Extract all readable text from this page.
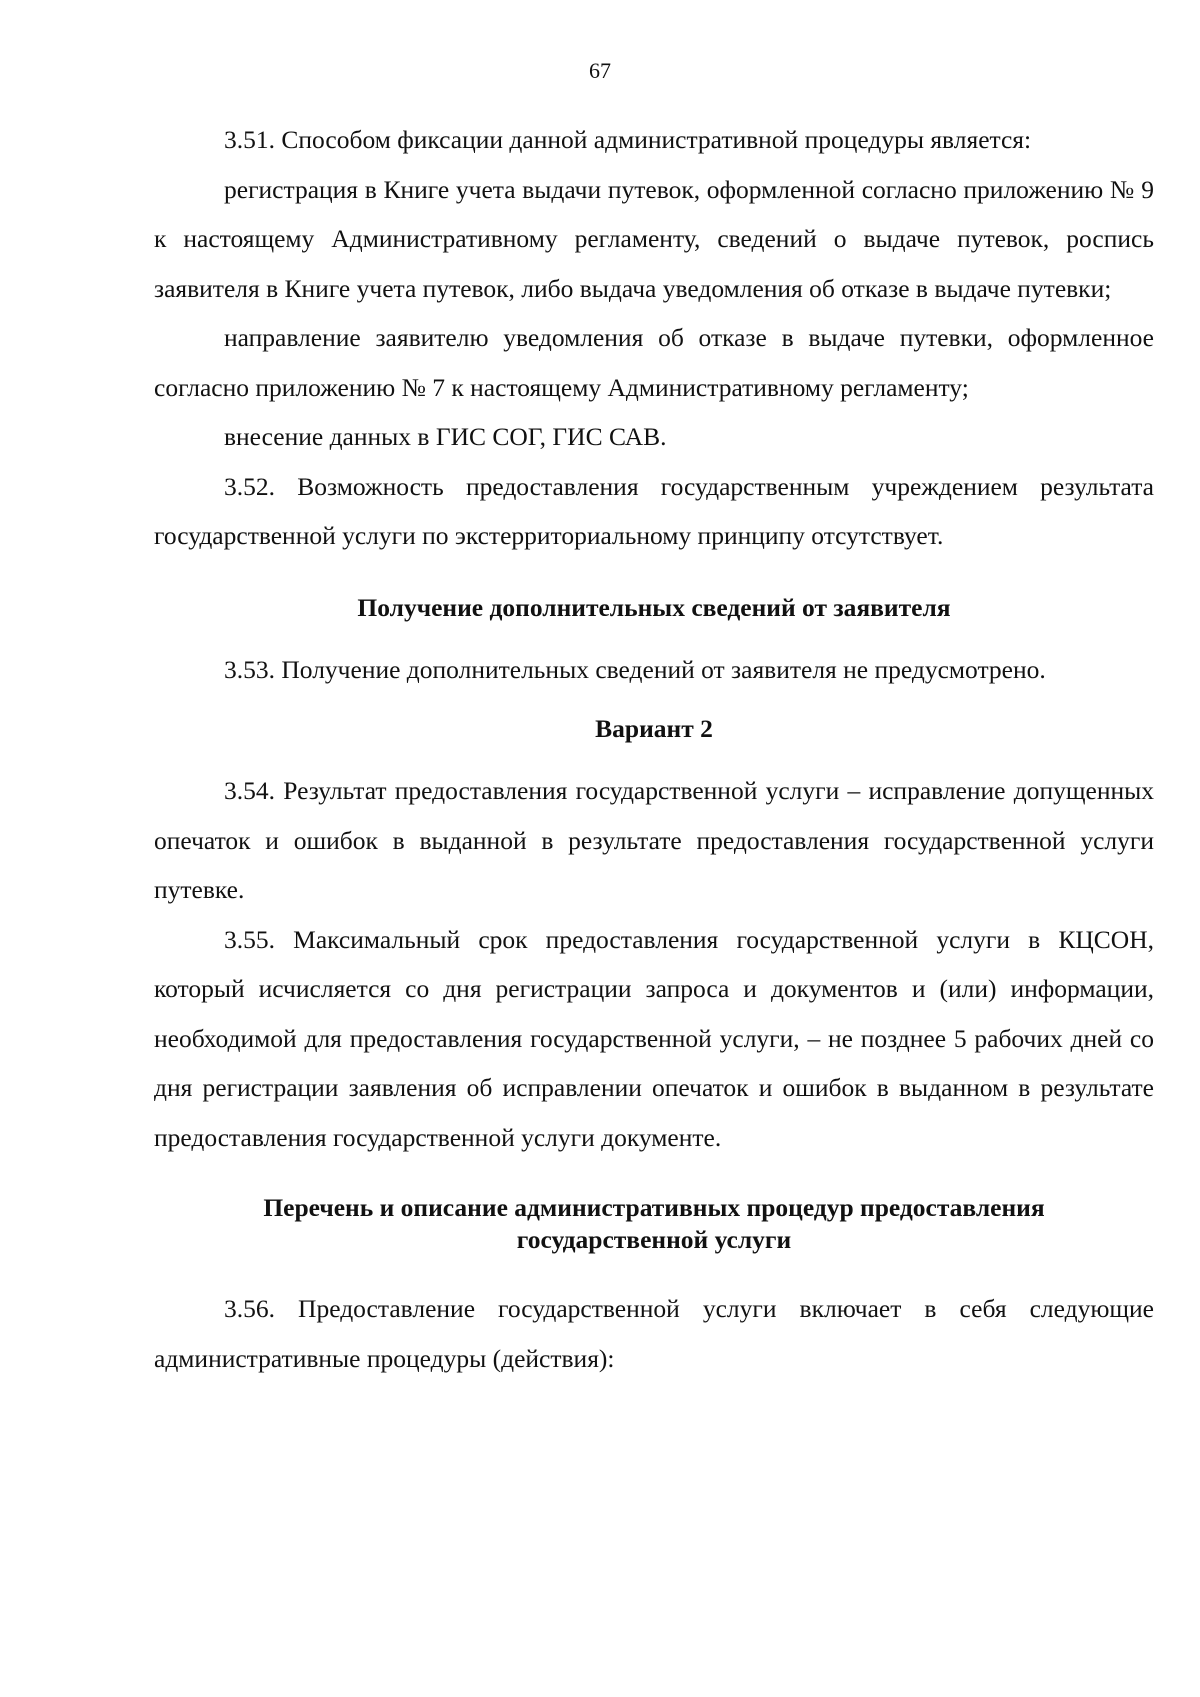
67

3.51. Способом фиксации данной административной процедуры является:

регистрация в Книге учета выдачи путевок, оформленной согласно приложению № 9 к настоящему Административному регламенту, сведений о выдаче путевок, роспись заявителя в Книге учета путевок, либо выдача уведомления об отказе в выдаче путевки;

направление заявителю уведомления об отказе в выдаче путевки, оформленное согласно приложению № 7 к настоящему Административному регламенту;

внесение данных в ГИС СОГ, ГИС САВ.

3.52. Возможность предоставления государственным учреждением результата государственной услуги по экстерриториальному принципу отсутствует.

Получение дополнительных сведений от заявителя

3.53. Получение дополнительных сведений от заявителя не предусмотрено.

Вариант 2

3.54. Результат предоставления государственной услуги – исправление допущенных опечаток и ошибок в выданной в результате предоставления государственной услуги путевке.

3.55. Максимальный срок предоставления государственной услуги в КЦСОН, который исчисляется со дня регистрации запроса и документов и (или) информации, необходимой для предоставления государственной услуги, – не позднее 5 рабочих дней со дня регистрации заявления об исправлении опечаток и ошибок в выданном в результате предоставления государственной услуги документе.

Перечень и описание административных процедур предоставления
государственной услуги

3.56. Предоставление государственной услуги включает в себя следующие административные процедуры (действия):
